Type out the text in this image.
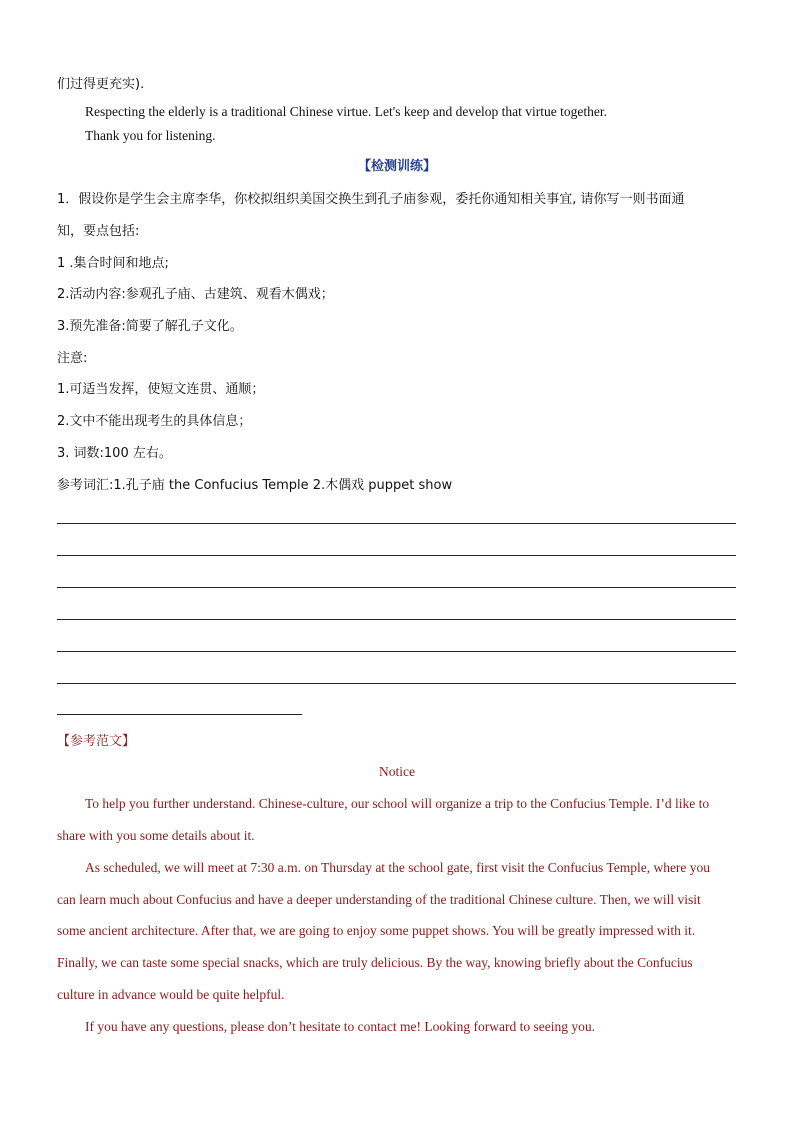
们过得更充实).
Respecting the elderly is a traditional Chinese virtue. Let's keep and develop that virtue together.
Thank you for listening.
【检测训练】
1．假设你是学生会主席李华，你校拟组织美国交换生到孔子庙参观，委托你通知相关事宜, 请你写一则书面通
知，要点包括:
1 .集合时间和地点;
2.活动内容:参观孔子庙、古建筑、观看木偶戏；
3.预先准备:简要了解孔子文化。
注意:
1.可适当发挥，使短文连贯、通顺；
2.文中不能出现考生的具体信息；
3. 词数:100 左右。
参考词汇:1.孔子庙 the Confucius Temple 2.木偶戏 puppet show
【参考范文】
Notice
To help you further understand. Chinese-culture, our school will organize a trip to the Confucius Temple. I’d like to
share with you some details about it.
As scheduled, we will meet at 7:30 a.m. on Thursday at the school gate, first visit the Confucius Temple, where you
can learn much about Confucius and have a deeper understanding of the traditional Chinese culture. Then, we will visit
some ancient architecture. After that, we are going to enjoy some puppet shows. You will be greatly impressed with it.
Finally, we can taste some special snacks, which are truly delicious. By the way, knowing briefly about the Confucius
culture in advance would be quite helpful.
If you have any questions, please don’t hesitate to contact me! Looking forward to seeing you.
